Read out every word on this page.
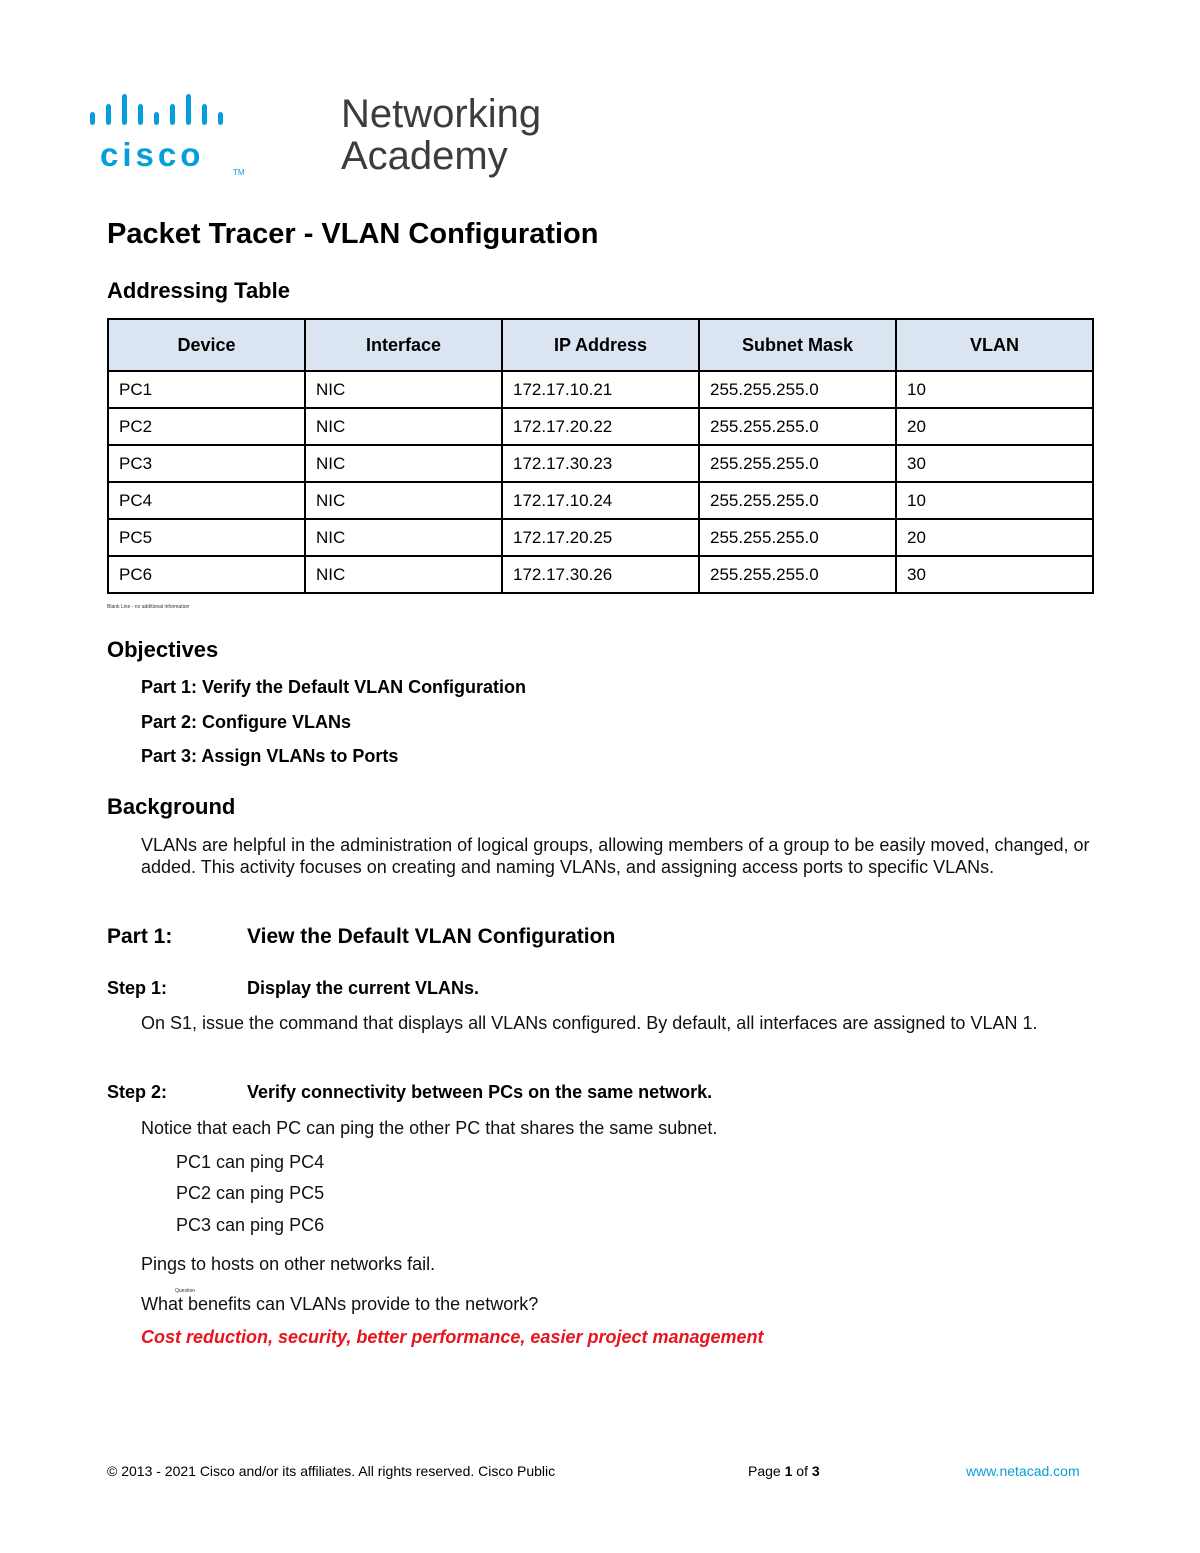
cisco	TM
Networking
Academy
Packet Tracer - VLAN Configuration
Addressing Table
Device	Interface	IP Address	Subnet Mask	VLAN
PC1	NIC	172.17.10.21	255.255.255.0	10
PC2	NIC	172.17.20.22	255.255.255.0	20
PC3	NIC	172.17.30.23	255.255.255.0	30
PC4	NIC	172.17.10.24	255.255.255.0	10
PC5	NIC	172.17.20.25	255.255.255.0	20
PC6	NIC	172.17.30.26	255.255.255.0	30
Blank Line - no additional information
Objectives
Part 1: Verify the Default VLAN Configuration
Part 2: Configure VLANs
Part 3: Assign VLANs to Ports
Background
VLANs are helpful in the administration of logical groups, allowing members of a group to be easily moved, changed, or added. This activity focuses on creating and naming VLANs, and assigning access ports to specific VLANs.
Part 1:	View the Default VLAN Configuration
Step 1:	Display the current VLANs.
On S1, issue the command that displays all VLANs configured. By default, all interfaces are assigned to VLAN 1.
Step 2:	Verify connectivity between PCs on the same network.
Notice that each PC can ping the other PC that shares the same subnet.
PC1 can ping PC4
PC2 can ping PC5
PC3 can ping PC6
Pings to hosts on other networks fail.
Question
What benefits can VLANs provide to the network?
Cost reduction, security, better performance, easier project management
© 2013 - 2021 Cisco and/or its affiliates. All rights reserved. Cisco Public	Page 1 of 3	www.netacad.com
